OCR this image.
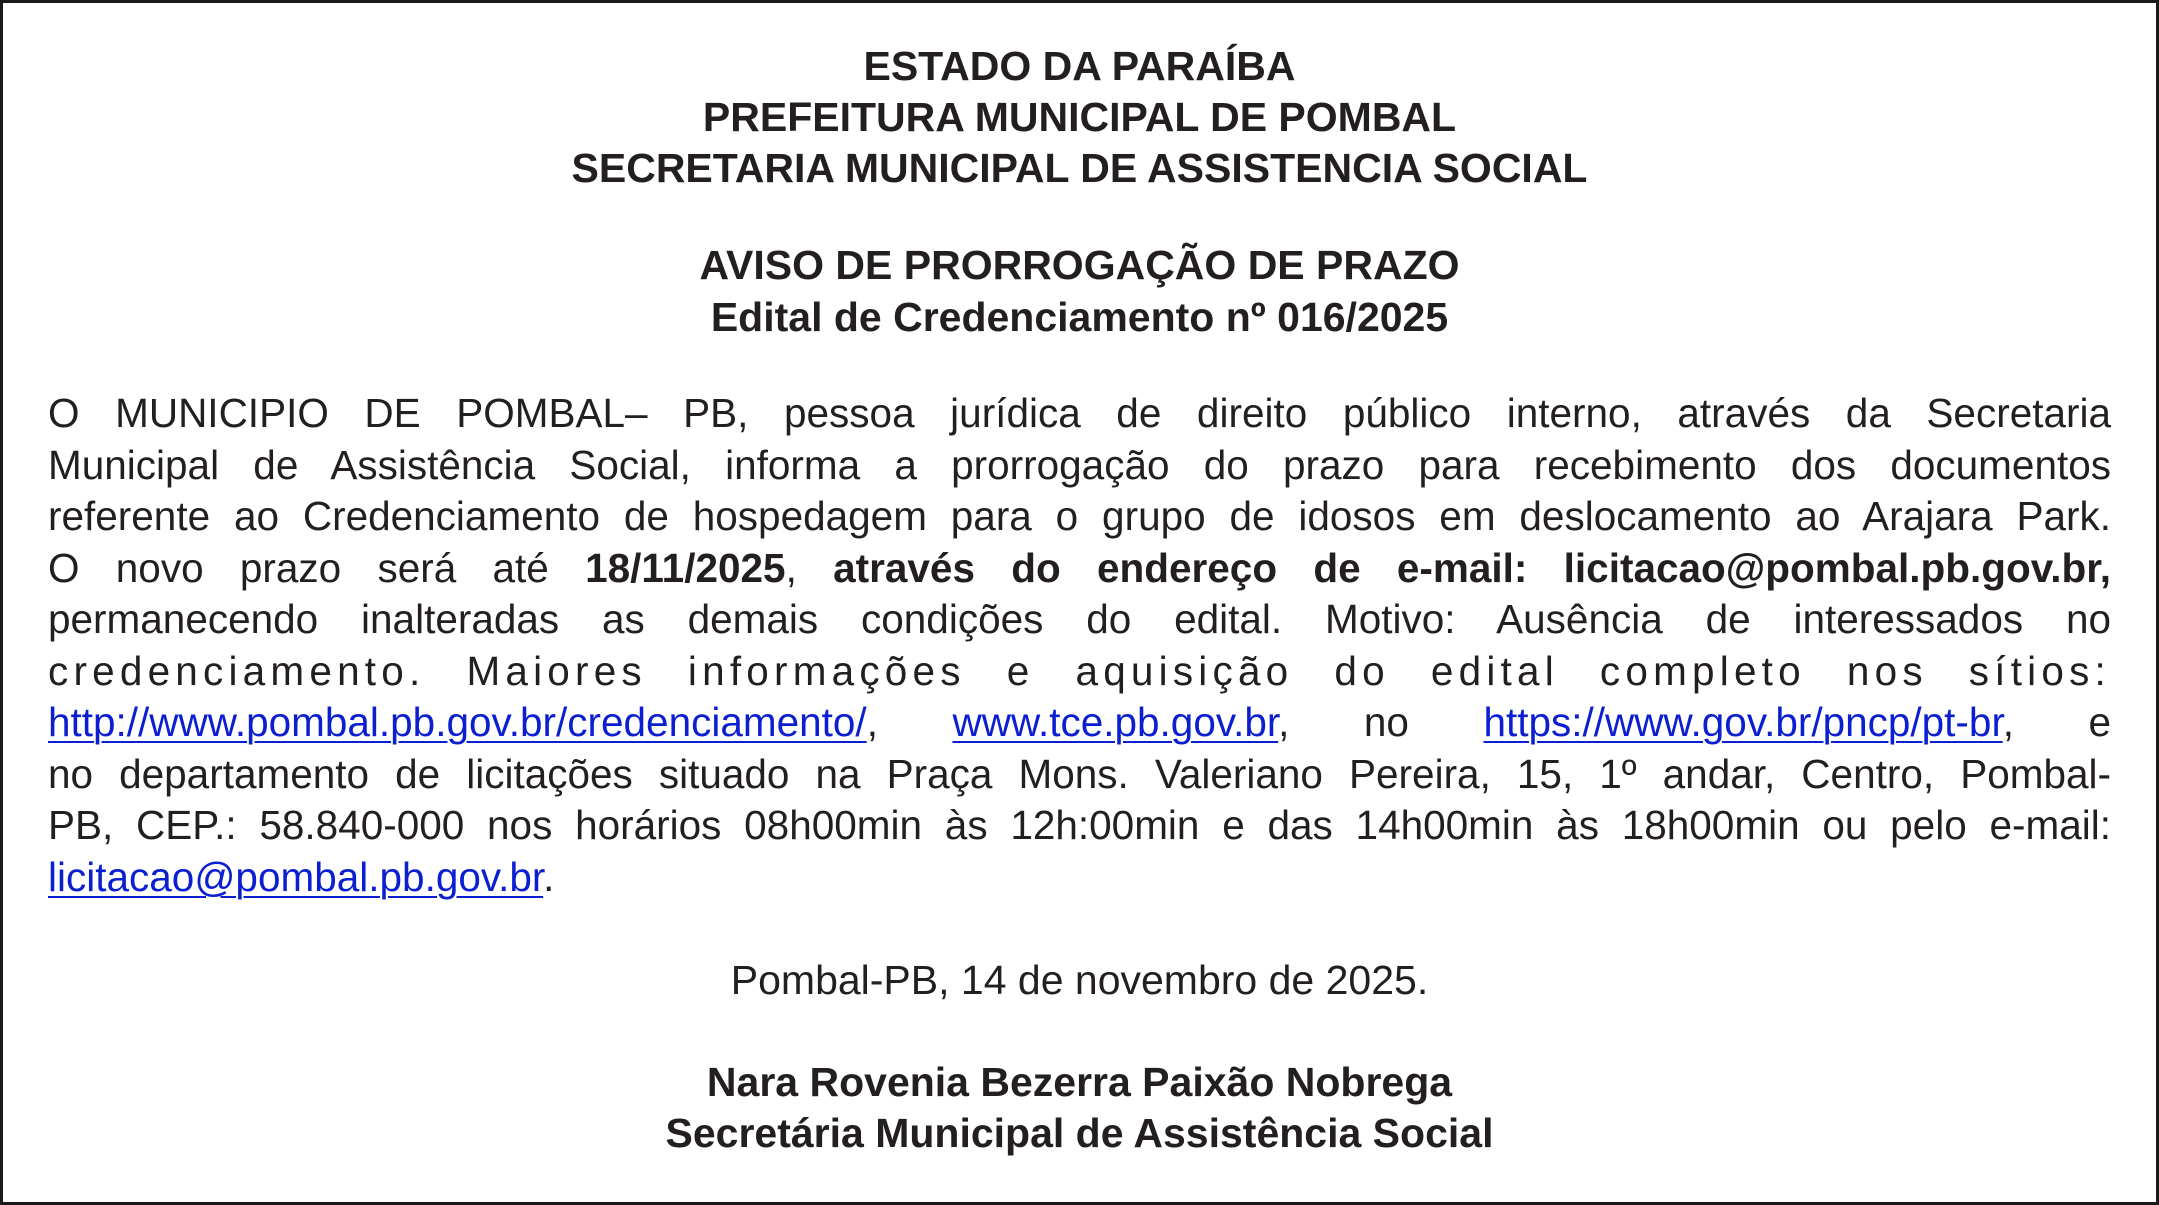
ESTADO DA PARAÍBA
PREFEITURA MUNICIPAL DE POMBAL
SECRETARIA MUNICIPAL DE ASSISTENCIA SOCIAL
AVISO DE PRORROGAÇÃO DE PRAZO
Edital de Credenciamento nº 016/2025
O MUNICIPIO DE POMBAL– PB, pessoa jurídica de direito público interno, através da Secretaria
Municipal de Assistência Social, informa a prorrogação do prazo para recebimento dos documentos
referente ao Credenciamento de hospedagem para o grupo de idosos em deslocamento ao Arajara Park.
O novo prazo será até 18/11/2025, através do endereço de e-mail: licitacao@pombal.pb.gov.br,
permanecendo inalteradas as demais condições do edital. Motivo: Ausência de interessados no
credenciamento. Maiores informações e aquisição do edital completo nos sítios:
http://www.pombal.pb.gov.br/credenciamento/, www.tce.pb.gov.br, no https://www.gov.br/pncp/pt-br, e
no departamento de licitações situado na Praça Mons. Valeriano Pereira, 15, 1º andar, Centro, Pombal-
PB, CEP.: 58.840-000 nos horários 08h00min às 12h:00min e das 14h00min às 18h00min ou pelo e-mail:
licitacao@pombal.pb.gov.br.
Pombal-PB, 14 de novembro de 2025.
Nara Rovenia Bezerra Paixão Nobrega
Secretária Municipal de Assistência Social
